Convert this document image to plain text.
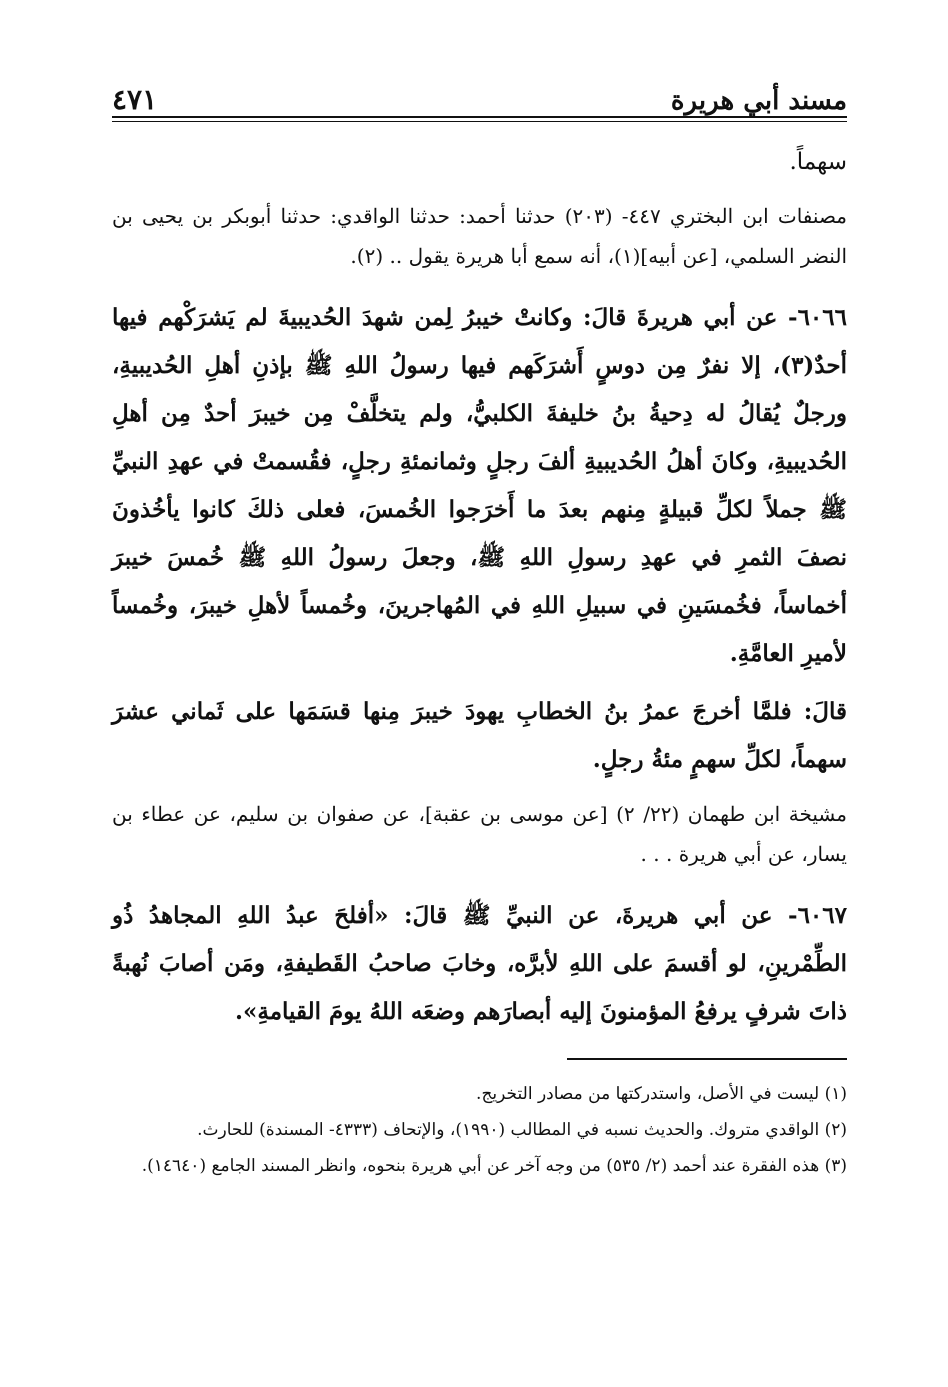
مسند أبي هريرة
٤٧١

سهماً.

مصنفات ابن البختري ٤٤٧- (٢٠٣) حدثنا أحمد: حدثنا الواقدي: حدثنا أبوبكر بن يحيى بن النضر السلمي، [عن أبيه](١)، أنه سمع أبا هريرة يقول .. (٢).

٦٠٦٦- عن أبي هريرةَ قالَ: وكانتْ خيبرُ لِمن شهدَ الحُديبيةَ لم يَشرَكْهم فيها أحدٌ(٣)، إلا نفرٌ مِن دوسٍ أَشرَكَهم فيها رسولُ اللهِ ﷺ بإذنِ أهلِ الحُديبيةِ، ورجلٌ يُقالُ له دِحيةُ بنُ خليفةَ الكلبيُّ، ولم يتخلَّفْ مِن خيبرَ أحدٌ مِن أهلِ الحُديبيةِ، وكانَ أهلُ الحُديبيةِ ألفَ رجلٍ وثمانمئةِ رجلٍ، فقُسمتْ في عهدِ النبيِّ ﷺ جملاً لكلِّ قبيلةٍ مِنهم بعدَ ما أَخرَجوا الخُمسَ، فعلى ذلكَ كانوا يأخُذونَ نصفَ الثمرِ في عهدِ رسولِ اللهِ ﷺ، وجعلَ رسولُ اللهِ ﷺ خُمسَ خيبرَ أخماساً، فخُمسَينِ في سبيلِ اللهِ في المُهاجرينَ، وخُمساً لأهلِ خيبرَ، وخُمساً لأميرِ العامَّةِ.

قالَ: فلمَّا أخرجَ عمرُ بنُ الخطابِ يهودَ خيبرَ مِنها قسَمَها على ثَماني عشرَ سهماً، لكلِّ سهمٍ مئةُ رجلٍ.

مشيخة ابن طهمان (٢٢/ ٢) [عن موسى بن عقبة]، عن صفوان بن سليم، عن عطاء بن يسار، عن أبي هريرة . . .

٦٠٦٧- عن أبي هريرةَ، عن النبيِّ ﷺ قالَ: «أفلحَ عبدُ اللهِ المجاهدُ ذُو الطِّمْرينِ، لو أقسمَ على اللهِ لأبرَّه، وخابَ صاحبُ القَطيفةِ، ومَن أصابَ نُهبةً ذاتَ شرفٍ يرفعُ المؤمنونَ إليه أبصارَهم وضعَه اللهُ يومَ القيامةِ».

(١) ليست في الأصل، واستدركتها من مصادر التخريج.

(٢) الواقدي متروك. والحديث نسبه في المطالب (١٩٩٠)، والإتحاف (٤٣٣٣- المسندة) للحارث.

(٣) هذه الفقرة عند أحمد (٢/ ٥٣٥) من وجه آخر عن أبي هريرة بنحوه، وانظر المسند الجامع (١٤٦٤٠).
